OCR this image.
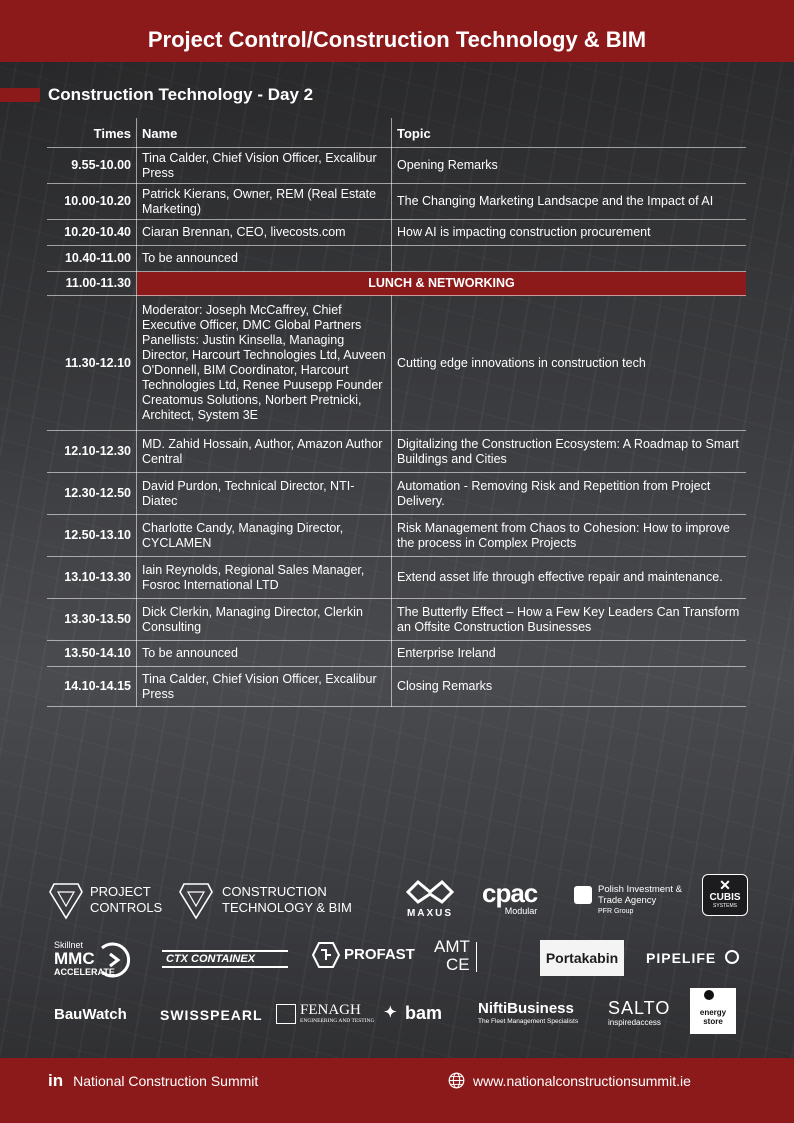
Project Control/Construction Technology & BIM
Construction Technology - Day 2
Times	Name	Topic
9.55-10.00	Tina Calder, Chief Vision Officer, Excalibur Press	Opening Remarks
10.00-10.20	Patrick Kierans, Owner, REM (Real Estate Marketing)	The Changing Marketing Landsacpe and the Impact of AI
10.20-10.40	Ciaran Brennan, CEO, livecosts.com	How AI is impacting construction procurement
10.40-11.00	To be announced	
11.00-11.30	LUNCH & NETWORKING	
11.30-12.10	Moderator: Joseph McCaffrey, Chief Executive Officer, DMC Global Partners Panellists: Justin Kinsella, Managing Director, Harcourt Technologies Ltd, Auveen O'Donnell, BIM Coordinator, Harcourt Technologies Ltd, Renee Puusepp Founder Creatomus Solutions, Norbert Pretnicki, Architect, System 3E	Cutting edge innovations in construction tech
12.10-12.30	MD. Zahid Hossain, Author, Amazon Author Central	Digitalizing the Construction Ecosystem: A Roadmap to Smart Buildings and Cities
12.30-12.50	David Purdon, Technical Director, NTI-Diatec	Automation - Removing Risk and Repetition from Project Delivery.
12.50-13.10	Charlotte Candy, Managing Director, CYCLAMEN	Risk Management from Chaos to Cohesion: How to improve the process in Complex Projects
13.10-13.30	Iain Reynolds, Regional Sales Manager, Fosroc International LTD	Extend asset life through effective repair and maintenance.
13.30-13.50	Dick Clerkin, Managing Director, Clerkin Consulting	The Butterfly Effect – How a Few Key Leaders Can Transform an Offsite Construction Businesses
13.50-14.10	To be announced	Enterprise Ireland
14.10-14.15	Tina Calder, Chief Vision Officer, Excalibur Press	Closing Remarks
PROJECT CONTROLS
CONSTRUCTION TECHNOLOGY & BIM	MAXUS
cpac
Modular
Polish Investment & Trade Agency
PFR Group
✕
CUBIS
SYSTEMS
Skillnet
MMC
ACCELERATE
CTX CONTAINEX	PROFAST AMT
CE	Portakabin	PIPELIFE
BauWatch SWISSPEARL FENAGH
ENGINEERING AND TESTING ✦ bam NiftiBusiness
The Fleet Management Specialists
SALTO
inspiredaccess
energy store
in National Construction Summit	www.nationalconstructionsummit.ie
